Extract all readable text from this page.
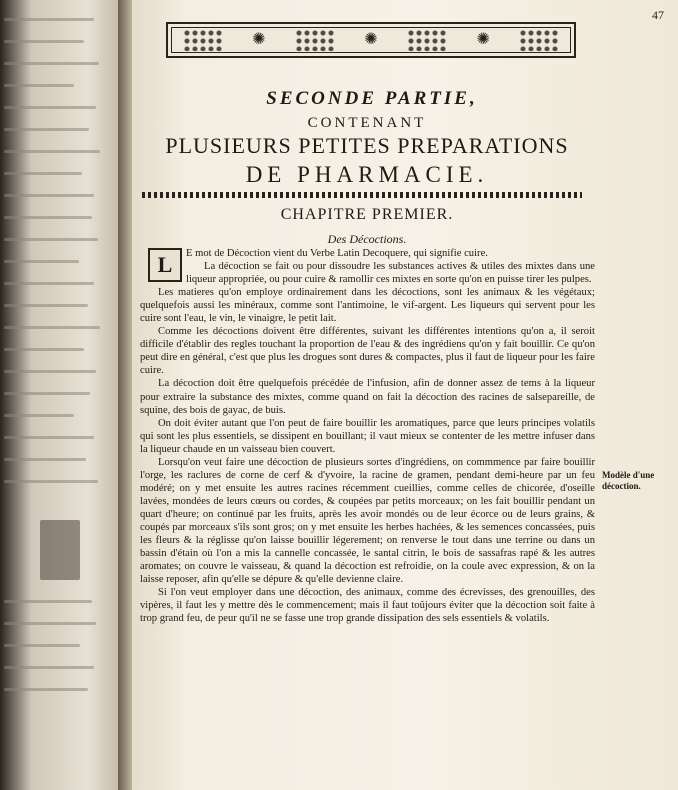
47
✺	✺	✺
SECONDE PARTIE,
CONTENANT
PLUSIEURS PETITES PREPARATIONS
DE PHARMACIE.
CHAPITRE PREMIER.
Des Décoctions.
L	E mot de Décoction vient du Verbe Latin Decoquere, qui signifie cuire.

La décoction se fait ou pour dissoudre les substances actives & utiles des mixtes dans une liqueur appropriée, ou pour cuire & ramollir ces mixtes en sorte qu'on en puisse tirer les pulpes.

Les matieres qu'on employe ordinairement dans les décoctions, sont les animaux & les végétaux; quelquefois aussi les minéraux, comme sont l'antimoine, le vif-argent. Les liqueurs qui servent pour les cuire sont l'eau, le vin, le vinaigre, le petit lait.

Comme les décoctions doivent être différentes, suivant les différentes intentions qu'on a, il seroit difficile d'établir des regles touchant la proportion de l'eau & des ingrédiens qu'on y fait bouillir. Ce qu'on peut dire en général, c'est que plus les drogues sont dures & compactes, plus il faut de liqueur pour les faire cuire.

La décoction doit être quelquefois précédée de l'infusion, afin de donner assez de tems à la liqueur pour extraire la substance des mixtes, comme quand on fait la décoction des racines de salsepareille, de squine, des bois de gayac, de buis.

On doit éviter autant que l'on peut de faire bouillir les aromatiques, parce que leurs principes volatils qui sont les plus essentiels, se dissipent en bouillant; il vaut mieux se contenter de les mettre infuser dans la liqueur chaude en un vaisseau bien couvert.

Lorsqu'on veut faire une décoction de plusieurs sortes d'ingrédiens, on commmence par faire bouillir l'orge, les raclures de corne de cerf & d'yvoire, la racine de gramen, pendant demi-heure par un feu modéré; on y met ensuite les autres racines récemment cueillies, comme celles de chicorée, d'oseille lavées, mondées de leurs cœurs ou cordes, & coupées par petits morceaux; on les fait bouillir pendant un quart d'heure; on continué par les fruits, après les avoir mondés ou de leur écorce ou de leurs grains, & coupés par morceaux s'ils sont gros; on y met ensuite les herbes hachées, & les semences concassées, puis les fleurs & la réglisse qu'on laisse bouillir légerement; on renverse le tout dans une terrine ou dans un bassin d'étain où l'on a mis la cannelle concassée, le santal citrin, le bois de sassafras rapé & les autres aromates; on couvre le vaisseau, & quand la décoction est refroidie, on la coule avec expression, & on la laisse reposer, afin qu'elle se dépure & qu'elle devienne claire.

Si l'on veut employer dans une décoction, des animaux, comme des écrevisses, des grenouilles, des vipères, il faut les y mettre dès le commencement; mais il faut toûjours éviter que la décoction soit faite à trop grand feu, de peur qu'il ne se fasse une trop grande dissipation des sels essentiels & volatils.

Modèle d'une décoction.
